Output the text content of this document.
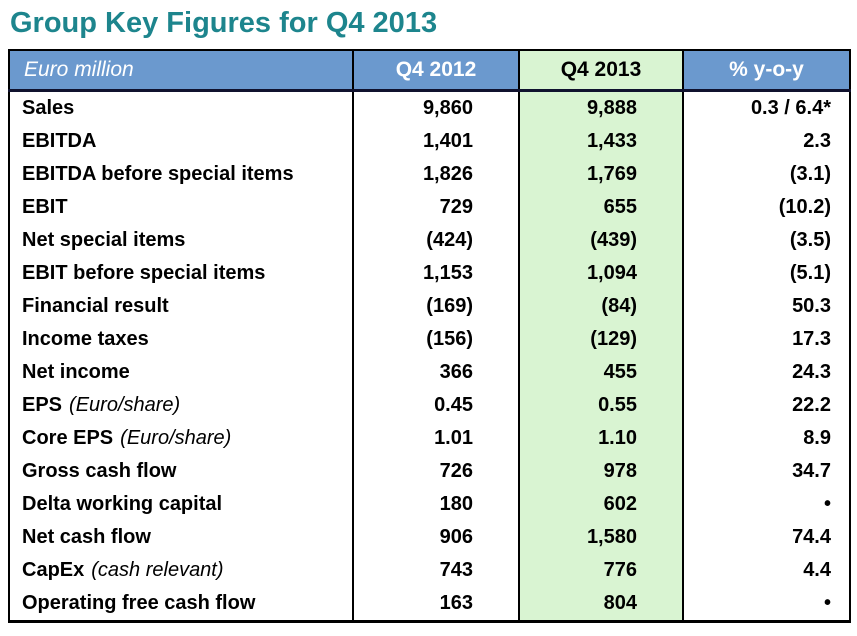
Group Key Figures for Q4 2013
Euro million	Q4 2012	Q4 2013	% y-o-y
Sales	9,860	9,888	0.3 / 6.4*
EBITDA	1,401	1,433	2.3
EBITDA before special items	1,826	1,769	(3.1)
EBIT	729	655	(10.2)
Net special items	(424)	(439)	(3.5)
EBIT before special items	1,153	1,094	(5.1)
Financial result	(169)	(84)	50.3
Income taxes	(156)	(129)	17.3
Net income	366	455	24.3
EPS (Euro/share)	0.45	0.55	22.2
Core EPS (Euro/share)	1.01	1.10	8.9
Gross cash flow	726	978	34.7
Delta working capital	180	602	•
Net cash flow	906	1,580	74.4
CapEx (cash relevant)	743	776	4.4
Operating free cash flow	163	804	•
